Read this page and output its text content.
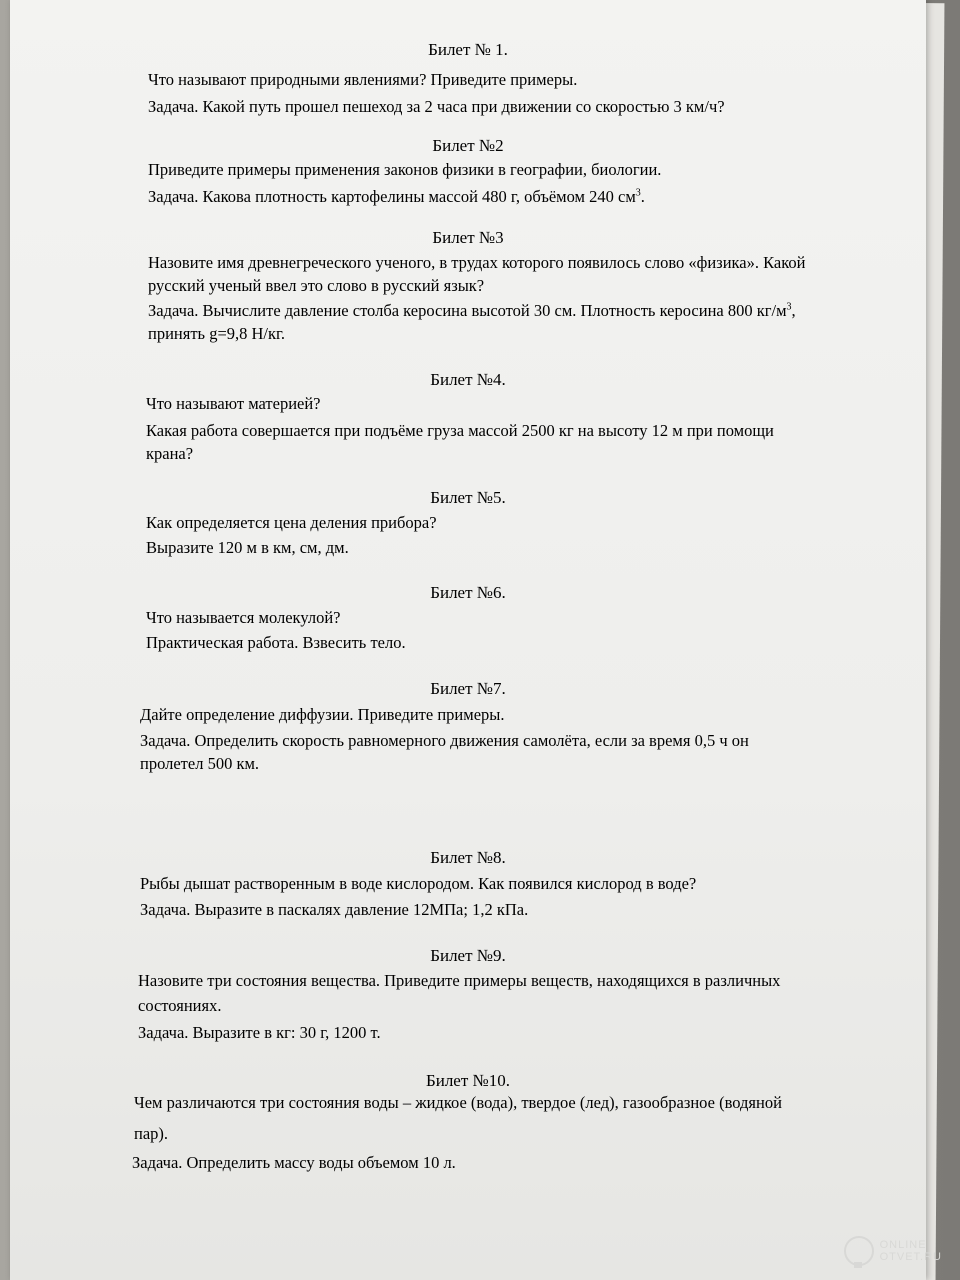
Билет № 1.
Что называют природными явлениями? Приведите примеры.
Задача. Какой путь прошел пешеход за 2 часа при движении со скоростью 3 км/ч?
Билет №2
Приведите примеры применения законов физики в географии, биологии.
Задача. Какова плотность картофелины массой 480 г, объёмом 240 $см^3$.
Билет №3
Назовите имя древнегреческого ученого, в трудах которого появилось слово «физика». Какой
русский ученый ввел это слово в русский язык?
Задача. Вычислите давление столба керосина высотой 30 см. Плотность керосина 800 $кг/м^3$,
принять g=9,8 Н/кг.
Билет №4.
Что называют материей?
Какая работа совершается при подъёме груза массой 2500 кг на высоту 12 м при помощи
крана?
Билет №5.
Как определяется цена деления прибора?
Выразите 120 м в км, см, дм.
Билет №6.
Что называется молекулой?
Практическая работа. Взвесить тело.
Билет №7.
Дайте определение диффузии. Приведите примеры.
Задача. Определить скорость равномерного движения самолёта, если за время 0,5 ч он
пролетел 500 км.
Билет №8.
Рыбы дышат растворенным в воде кислородом. Как появился кислород в воде?
Задача. Выразите в паскалях давление 12МПа; 1,2 кПа.
Билет №9.
Назовите три состояния вещества. Приведите примеры веществ, находящихся в различных
состояниях.
Задача. Выразите в кг: 30 г, 1200 т.
Билет №10.
Чем различаются три состояния воды – жидкое (вода), твердое (лед), газообразное (водяной
пар).
Задача. Определить массу воды объемом 10 л.
ONLINE
OTVET.RU
